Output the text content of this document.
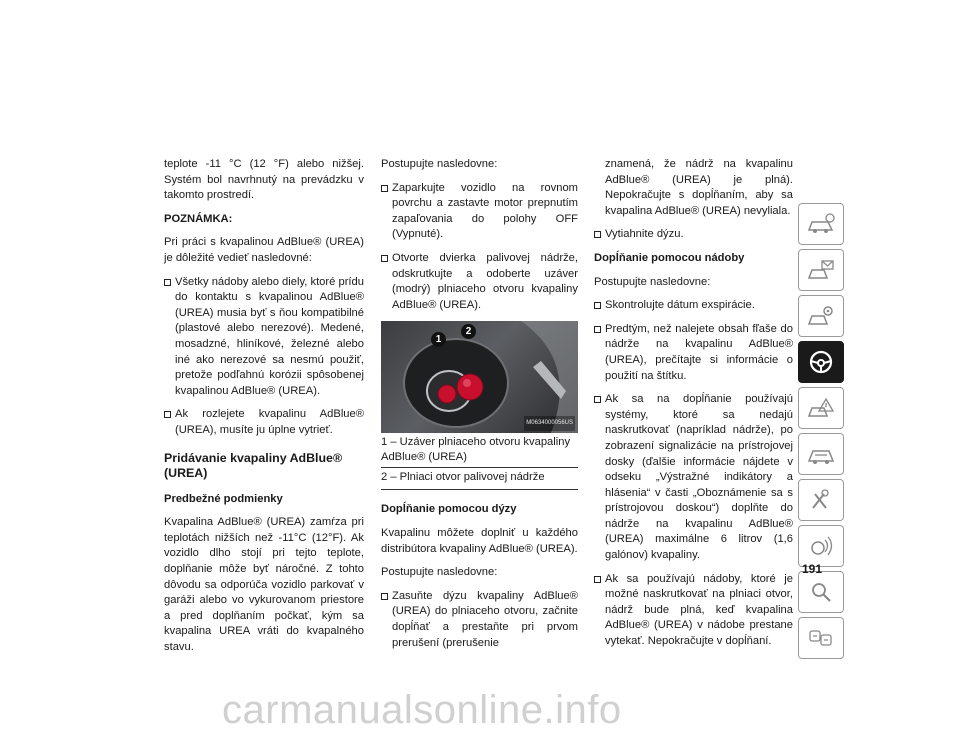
teplote -11 °C (12 °F) alebo nižšej. Systém bol navrhnutý na prevádzku v takomto prostredí.

POZNÁMKA:

Pri práci s kvapalinou AdBlue® (UREA) je dôležité vedieť nasledovné:

Všetky nádoby alebo diely, ktoré prídu do kontaktu s kvapalinou AdBlue® (UREA) musia byť s ňou kompatibilné (plastové alebo nerezové). Medené, mosadzné, hliníkové, železné alebo iné ako nerezové sa nesmú použiť, pretože podľahnú korózii spôsobenej kvapalinou AdBlue® (UREA).
Ak rozlejete kvapalinu AdBlue® (UREA), musíte ju úplne vytrieť.
Pridávanie kvapaliny AdBlue® (UREA)
Predbežné podmienky

Kvapalina AdBlue® (UREA) zamŕza pri teplotách nižších než -11°C (12°F). Ak vozidlo dlho stojí pri tejto teplote, doplňanie môže byť náročné. Z tohto dôvodu sa odporúča vozidlo parkovať v garáži alebo vo vykurovanom priestore a pred doplňaním počkať, kým sa kvapalina UREA vráti do kvapalného stavu.

Postupujte nasledovne:

Zaparkujte vozidlo na rovnom povrchu a zastavte motor prepnutím zapaľovania do polohy OFF (Vypnuté).
Otvorte dvierka palivovej nádrže, odskrutkujte a odoberte uzáver (modrý) plniaceho otvoru kvapaliny AdBlue® (UREA).
1
2
M0634000056US
1 – Uzáver plniaceho otvoru kvapaliny AdBlue® (UREA)
2 – Plniaci otvor palivovej nádrže
Dopĺňanie pomocou dýzy

Kvapalinu môžete doplniť u každého distribútora kvapaliny AdBlue® (UREA).

Postupujte nasledovne:

Zasuňte dýzu kvapaliny AdBlue® (UREA) do plniaceho otvoru, začnite dopĺňať a prestaňte pri prvom prerušení (prerušenie

znamená, že nádrž na kvapalinu AdBlue® (UREA) je plná). Nepokračujte s dopĺňaním, aby sa kvapalina AdBlue® (UREA) nevyliala.

Vytiahnite dýzu.
Dopĺňanie pomocou nádoby

Postupujte nasledovne:

Skontrolujte dátum exspirácie.
Predtým, než nalejete obsah fľaše do nádrže na kvapalinu AdBlue® (UREA), prečítajte si informácie o použití na štítku.
Ak sa na dopĺňanie používajú systémy, ktoré sa nedajú naskrutkovať (napríklad nádrže), po zobrazení signalizácie na prístrojovej dosky (ďalšie informácie nájdete v odseku „Výstražné indikátory a hlásenia“ v časti „Oboznámenie sa s prístrojovou doskou“) doplňte do nádrže na kvapalinu AdBlue® (UREA) maximálne 6 litrov (1,6 galónov) kvapaliny.
Ak sa používajú nádoby, ktoré je možné naskrutkovať na plniaci otvor, nádrž bude plná, keď kvapalina AdBlue® (UREA) v nádobe prestane vytekať. Nepokračujte v dopĺňaní.
191
carmanualsonline.info
